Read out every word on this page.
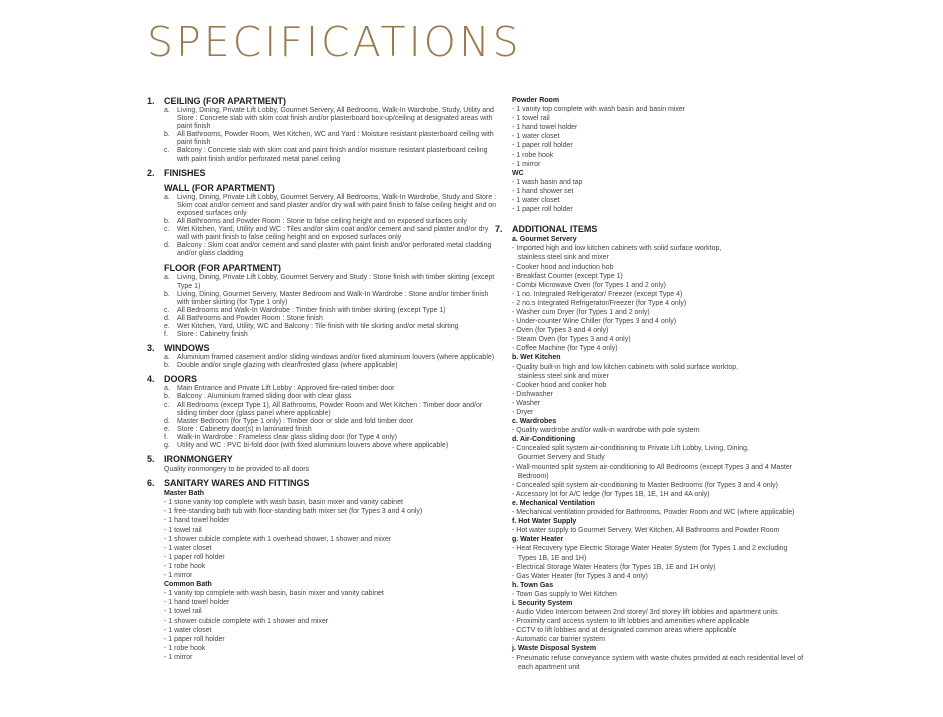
SPECIFICATIONS
1.	CEILING (FOR APARTMENT)
a.	Living, Dining, Private Lift Lobby, Gourmet Servery, All Bedrooms, Walk-In Wardrobe, Study, Utility and Store : Concrete slab with skim coat finish and/or plasterboard box-up/ceiling at designated areas with paint finish
b.	All Bathrooms, Powder Room, Wet Kitchen, WC and Yard : Moisture resistant plasterboard ceiling with paint finish
c.	Balcony : Concrete slab with skim coat and paint finish and/or moisture resistant plasterboard ceiling with paint finish and/or perforated metal panel ceiling
2.	FINISHES
WALL (FOR APARTMENT)
a.	Living, Dining, Private Lift Lobby, Gourmet Servery, All Bedrooms, Walk-In Wardrobe, Study and Store : Skim coat and/or cement and sand plaster and/or dry wall with paint finish to false ceiling height and on exposed surfaces only
b.	All Bathrooms and Powder Room : Stone to false ceiling height and on exposed surfaces only
c.	Wet Kitchen, Yard, Utility and WC : Tiles and/or skim coat and/or cement and sand plaster and/or dry wall with paint finish to false ceiling height and on exposed surfaces only
d.	Balcony : Skim coat and/or cement and sand plaster with paint finish and/or perforated metal cladding and/or glass cladding
FLOOR (FOR APARTMENT)
a.	Living, Dining, Private Lift Lobby, Gourmet Servery and Study : Stone finish with timber skirting (except Type 1)
b.	Living, Dining, Gourmet Servery, Master Bedroom and Walk-In Wardrobe : Stone and/or timber finish with timber skirting (for Type 1 only)
c.	All Bedrooms and Walk-In Wardrobe : Timber finish with timber skirting (except Type 1)
d.	All Bathrooms and Powder Room : Stone finish
e.	Wet Kitchen, Yard, Utility, WC and Balcony : Tile finish with tile skirting and/or metal skirting
f.	Store : Cabinetry finish
3.	WINDOWS
a.	Aluminium framed casement and/or sliding windows and/or fixed aluminium louvers (where applicable)
b.	Double and/or single glazing with clear/frosted glass (where applicable)
4.	DOORS
a.	Main Entrance and Private Lift Lobby : Approved fire-rated timber door
b.	Balcony : Aluminium framed sliding door with clear glass
c.	All Bedrooms (except Type 1), All Bathrooms, Powder Room and Wet Kitchen : Timber door and/or sliding timber door (glass panel where applicable)
d.	Master Bedroom (for Type 1 only) : Timber door or slide and fold timber door
e.	Store : Cabinetry door(s) in laminated finish
f.	Walk-In Wardrobe : Frameless clear glass sliding door (for Type 4 only)
g.	Utility and WC : PVC bi-fold door (with fixed aluminium louvers above where applicable)
5.	IRONMONGERY
Quality ironmongery to be provided to all doors
6.	SANITARY WARES AND FITTINGS
Master Bath
- 1 stone vanity top complete with wash basin, basin mixer and vanity cabinet
- 1 free-standing bath tub with floor-standing bath mixer set (for Types 3 and 4 only)
- 1 hand towel holder
- 1 towel rail
- 1 shower cubicle complete with 1 overhead shower, 1 shower and mixer
- 1 water closet
- 1 paper roll holder
- 1 robe hook
- 1 mirror
Common Bath
- 1 vanity top complete with wash basin, basin mixer and vanity cabinet
- 1 hand towel holder
- 1 towel rail
- 1 shower cubicle complete with 1 shower and mixer
- 1 water closet
- 1 paper roll holder
- 1 robe hook
- 1 mirror
Powder Room
- 1 vanity top complete with wash basin and basin mixer
- 1 towel rail
- 1 hand towel holder
- 1 water closet
- 1 paper roll holder
- 1 robe hook
- 1 mirror
WC
- 1 wash basin and tap
- 1 hand shower set
- 1 water closet
- 1 paper roll holder
7.	ADDITIONAL ITEMS
a. Gourmet Servery
- Imported high and low kitchen cabinets with solid surface worktop,
stainless steel sink and mixer
- Cooker hood and induction hob
- Breakfast Counter (except Type 1)
- Combi Microwave Oven (for Types 1 and 2 only)
- 1 no. Integrated Refrigerator/ Freezer (except Type 4)
- 2 no.s Integrated Refrigerator/Freezer (for Type 4 only)
- Washer cum Dryer (for Types 1 and 2 only)
- Under-counter Wine Chiller (for Types 3 and 4 only)
- Oven (for Types 3 and 4 only)
- Steam Oven (for Types 3 and 4 only)
- Coffee Machine (for Type 4 only)
b. Wet Kitchen
- Quality built-in high and low kitchen cabinets with solid surface worktop,
stainless steel sink and mixer
- Cooker hood and cooker hob
- Dishwasher
- Washer
- Dryer
c. Wardrobes
- Quality wardrobe and/or walk-in wardrobe with pole system
d. Air-Conditioning
- Concealed split system air-conditioning to Private Lift Lobby, Living, Dining,
Gourmet Servery and Study
- Wall-mounted split system air-conditioning to All Bedrooms (except Types 3 and 4 Master
Bedroom)
- Concealed split system air-conditioning to Master Bedrooms (for Types 3 and 4 only)
- Accessory lot for A/C ledge (for Types 1B, 1E, 1H and 4A only)
e. Mechanical Ventilation
- Mechanical ventilation provided for Bathrooms, Powder Room and WC (where applicable)
f. Hot Water Supply
- Hot water supply to Gourmet Servery, Wet Kitchen, All Bathrooms and Powder Room
g. Water Heater
- Heat Recovery type Electric Storage Water Heater System (for Types 1 and 2 excluding
Types 1B, 1E and 1H)
- Electrical Storage Water Heaters (for Types 1B, 1E and 1H only)
- Gas Water Heater (for Types 3 and 4 only)
h. Town Gas
- Town Gas supply to Wet Kitchen
i. Security System
- Audio Video Intercom between 2nd storey/ 3rd storey lift lobbies and apartment units
- Proximity card access system to lift lobbies and amenities where applicable
- CCTV to lift lobbies and at designated common areas where applicable
- Automatic car barrier system
j. Waste Disposal System
- Pneumatic refuse conveyance system with waste chutes provided at each residential level of
each apartment unit
